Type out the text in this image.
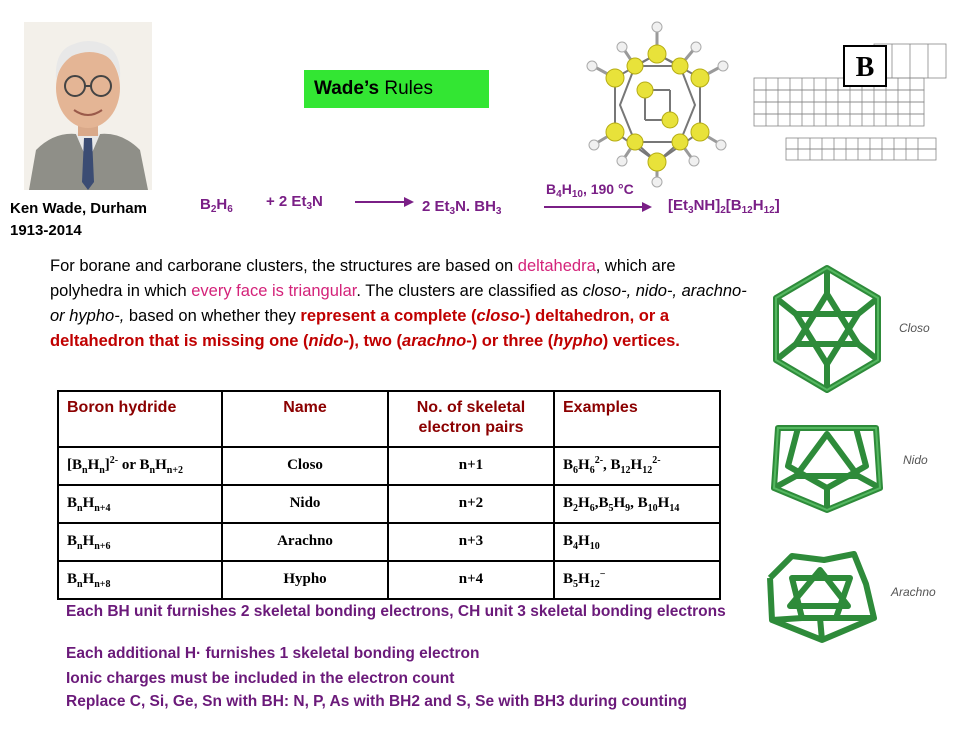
Ken Wade, Durham
1913-2014
Wade’s Rules
B
$B_2H_6 + 2$ $Et_3N$	2 $Et_3N$. $BH_3$
$B_4H_{10}$, 190 °C
$[Et_3NH]_2[B_{12}H_{12}]$
For borane and carborane clusters, the structures are based on deltahedra, which are polyhedra in which every face is triangular. The clusters are classified as closo-, nido-, arachno- or hypho-, based on whether they represent a complete (closo-) deltahedron, or a deltahedron that is missing one (nido-), two (arachno-) or three (hypho) vertices.
Boron hydride	Name	No. of skeletal electron pairs	Examples
$[B_nH_n]^{2-}$ or $B_nH_{n+2}$	Closo	n+1	$B_6H_6^{2-}$, $B_{12}H_{12}^{2-}$
$B_nH_{n+4}$	Nido	n+2	$B_2H_6,B_5H_9$, $B_{10}H_{14}$
$B_nH_{n+6}$	Arachno	n+3	$B_4H_{10}$
$B_nH_{n+8}$	Hypho	n+4	$B_5H_{12}^-$
Each BH unit furnishes 2 skeletal bonding electrons, CH unit 3 skeletal bonding electrons
Each additional H· furnishes 1 skeletal bonding electron
Ionic charges must be included in the electron count
Replace C, Si, Ge, Sn with BH: N, P, As with BH2 and S, Se with BH3 during counting
Closo
Nido
Arachno
